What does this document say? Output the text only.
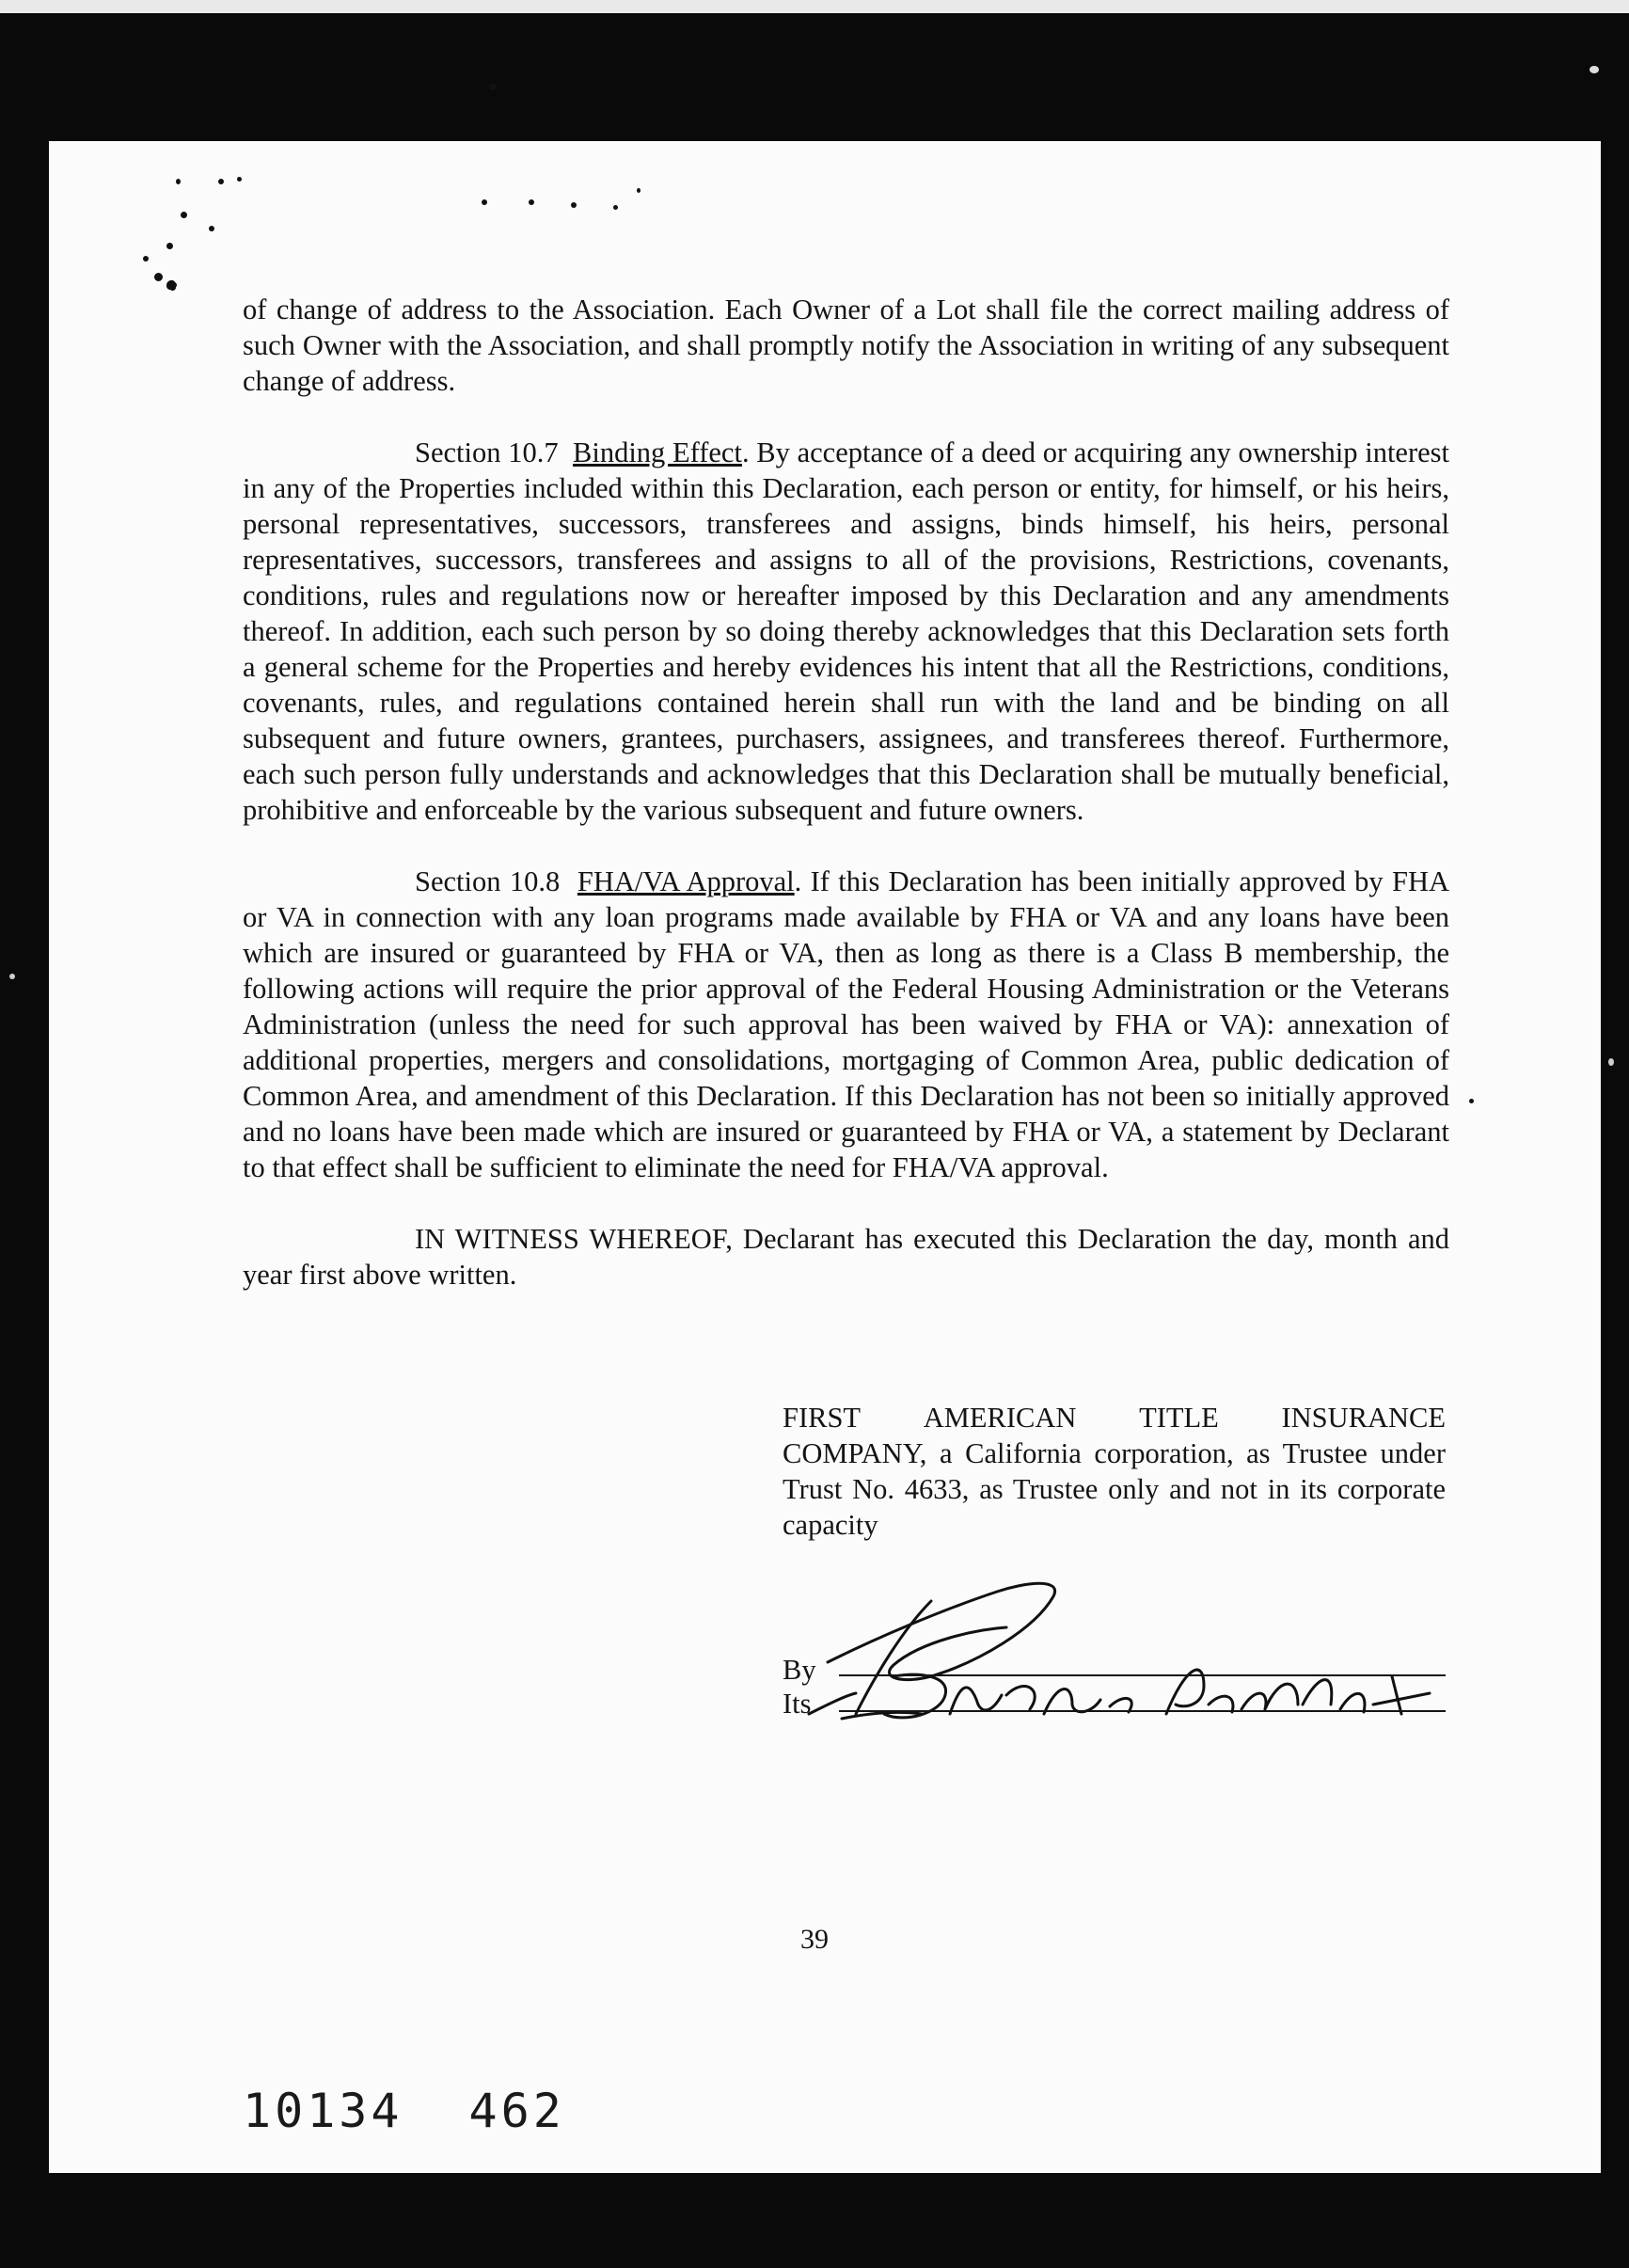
of change of address to the Association. Each Owner of a Lot shall file the correct mailing address of such Owner with the Association, and shall promptly notify the Association in writing of any subsequent change of address.

Section 10.7 Binding Effect. By acceptance of a deed or acquiring any ownership interest in any of the Properties included within this Declaration, each person or entity, for himself, or his heirs, personal representatives, successors, transferees and assigns, binds himself, his heirs, personal representatives, successors, transferees and assigns to all of the provisions, Restrictions, covenants, conditions, rules and regulations now or hereafter imposed by this Declaration and any amendments thereof. In addition, each such person by so doing thereby acknowledges that this Declaration sets forth a general scheme for the Properties and hereby evidences his intent that all the Restrictions, conditions, covenants, rules, and regulations contained herein shall run with the land and be binding on all subsequent and future owners, grantees, purchasers, assignees, and transferees thereof. Furthermore, each such person fully understands and acknowledges that this Declaration shall be mutually beneficial, prohibitive and enforceable by the various subsequent and future owners.

Section 10.8 FHA/VA Approval. If this Declaration has been initially approved by FHA or VA in connection with any loan programs made available by FHA or VA and any loans have been which are insured or guaranteed by FHA or VA, then as long as there is a Class B membership, the following actions will require the prior approval of the Federal Housing Administration or the Veterans Administration (unless the need for such approval has been waived by FHA or VA): annexation of additional properties, mergers and consolidations, mortgaging of Common Area, public dedication of Common Area, and amendment of this Declaration. If this Declaration has not been so initially approved and no loans have been made which are insured or guaranteed by FHA or VA, a statement by Declarant to that effect shall be sufficient to eliminate the need for FHA/VA approval.

IN WITNESS WHEREOF, Declarant has executed this Declaration the day, month and year first above written.

FIRST AMERICAN TITLE INSURANCE
COMPANY, a California corporation, as Trustee under Trust No. 4633, as Trustee only and not in its corporate capacity

By
Its
39
10134 462
